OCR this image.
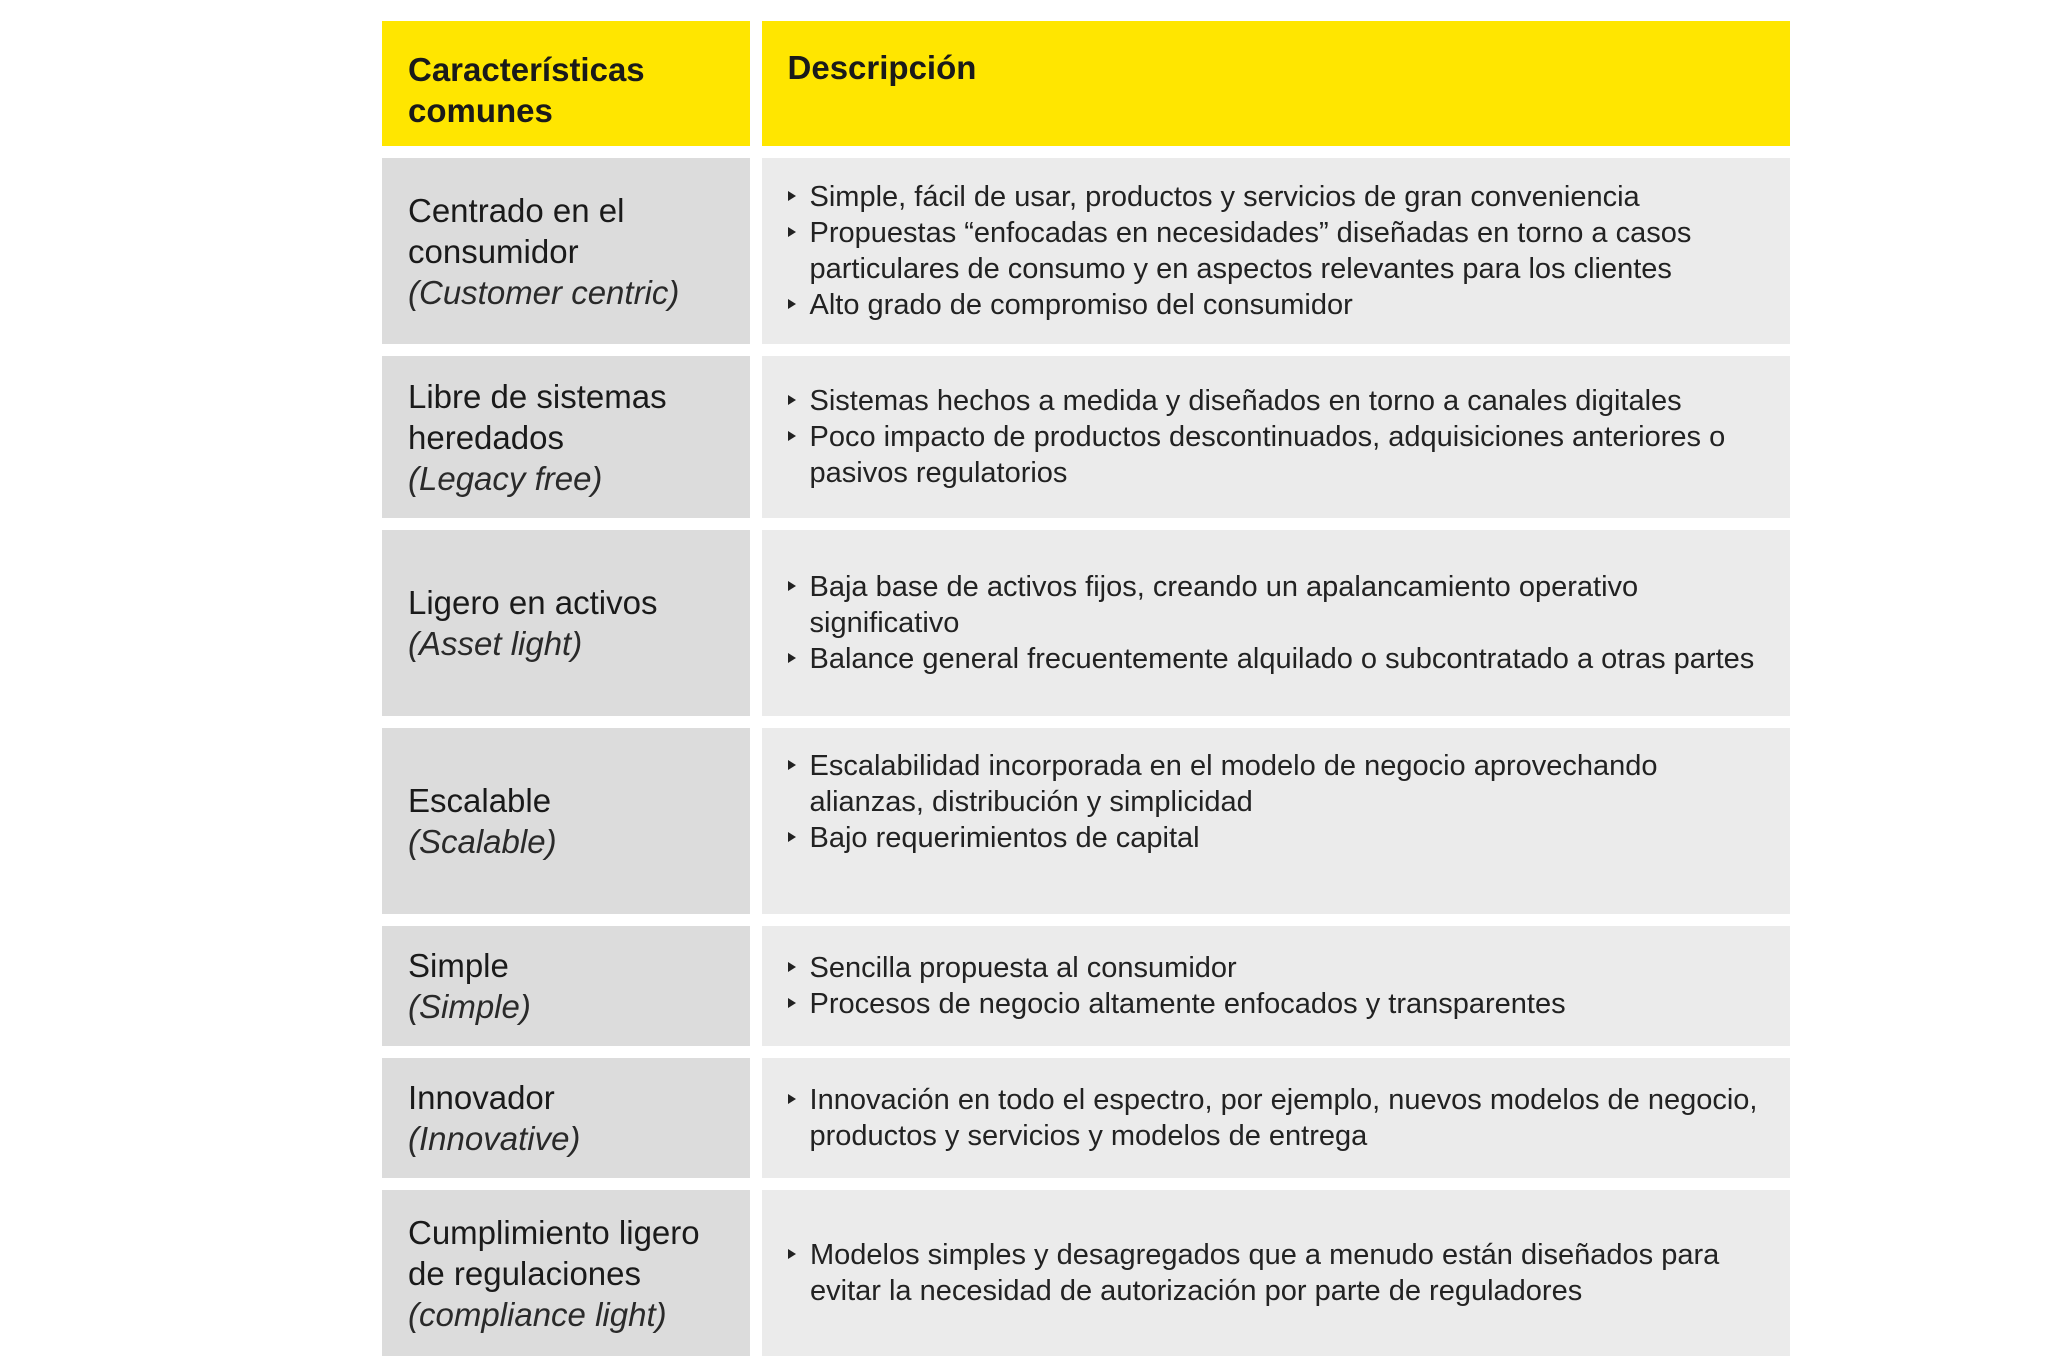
Características comunes
Descripción
Centrado en el consumidor
(Customer centric)
Simple, fácil de usar, productos y servicios de gran conveniencia
Propuestas “enfocadas en necesidades” diseñadas en torno a casos particulares de consumo y en aspectos relevantes para los clientes
Alto grado de compromiso del consumidor
Libre de sistemas heredados
(Legacy free)
Sistemas hechos a medida y diseñados en torno a canales digitales
Poco impacto de productos descontinuados, adquisiciones anteriores o pasivos regulatorios
Ligero en activos
(Asset light)
Baja base de activos fijos, creando un apalancamiento operativo significativo
Balance general frecuentemente alquilado o subcontratado a otras partes
Escalable
(Scalable)
Escalabilidad incorporada en el modelo de negocio aprovechando alianzas, distribución y simplicidad
Bajo requerimientos de capital
Simple
(Simple)
Sencilla propuesta al consumidor
Procesos de negocio altamente enfocados y transparentes
Innovador
(Innovative)
Innovación en todo el espectro, por ejemplo, nuevos modelos de negocio, productos y servicios y modelos de entrega
Cumplimiento ligero de regulaciones
(compliance light)
Modelos simples y desagregados que a menudo están diseñados para evitar la necesidad de autorización por parte de reguladores
